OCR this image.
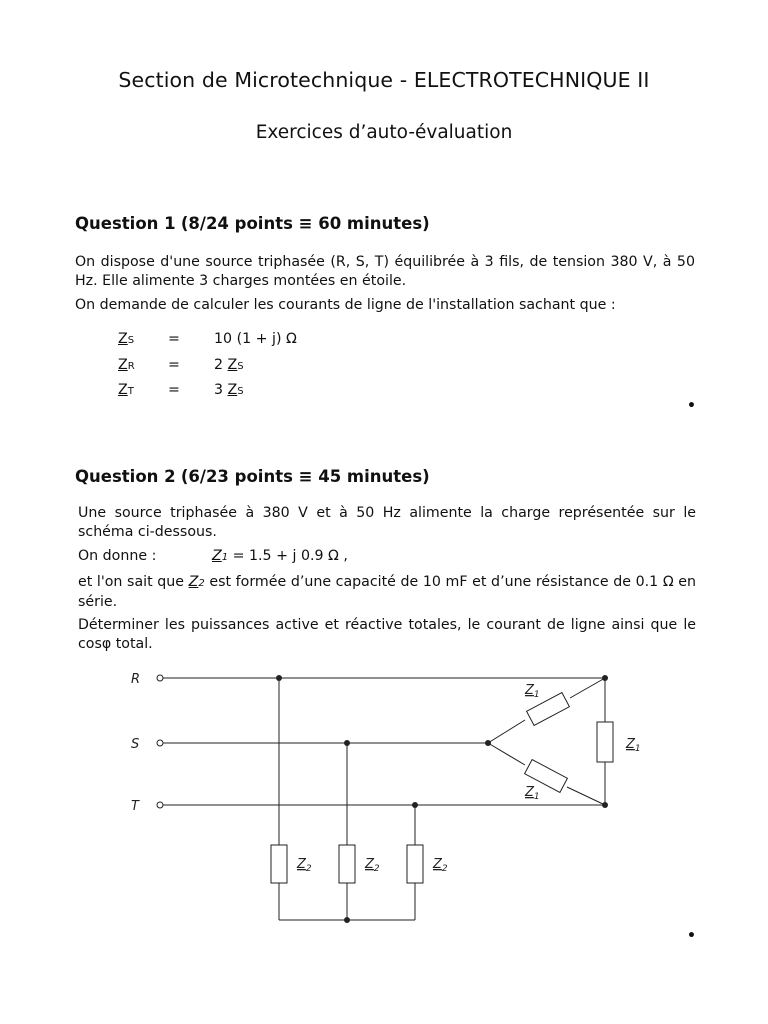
Section de Microtechnique - ELECTROTECHNIQUE II
Exercices d’auto-évaluation
Question 1 (8/24 points ≡ 60 minutes)
On dispose d'une source triphasée (R, S, T) équilibrée à 3 fils, de tension 380 V, à 50 Hz. Elle alimente 3 charges montées en étoile.
On demande de calculer les courants de ligne de l'installation sachant que :
ZS = 10 (1 + j) Ω
ZR = 2 ZS
ZT = 3 ZS
•
Question 2 (6/23 points ≡ 45 minutes)
Une source triphasée à 380 V et à 50 Hz alimente la charge représentée sur le schéma ci-dessous.
On donne :	Z1 = 1.5 + j 0.9 Ω ,
et l'on sait que Z2 est formée d’une capacité de 10 mF et d’une résistance de 0.1 Ω en série.
Déterminer les puissances active et réactive totales, le courant de ligne ainsi que le cosφ total.
R
S
T
$Z_1$
$Z_1$
$Z_1$
$Z_2$	$Z_2$	$Z_2$
•
